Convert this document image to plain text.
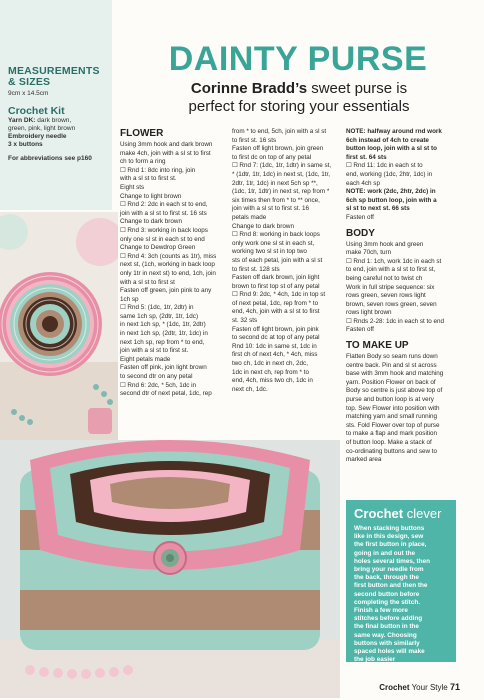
MEASUREMENTS
& SIZES
9cm x 14.5cm
Crochet Kit
Yarn DK: dark brown,
green, pink, light brown
Embroidery needle
3 x buttons
For abbreviations see p160
DAINTY PURSE
Corinne Bradd’s sweet purse is
perfect for storing your essentials
FLOWER

Using 3mm hook and dark brown

make 4ch, join with a sl st to first

ch to form a ring

☐ Rnd 1: 8dc into ring, join

with a sl st to first st.

Eight sts

Change to light brown

☐ Rnd 2: 2dc in each st to end,

join with a sl st to first st. 16 sts

Change to dark brown

☐ Rnd 3: working in back loops

only one sl st in each st to end

Change to Dewdrop Green

☐ Rnd 4: 3ch (counts as 1tr), miss

next st, (1ch, working in back loop

only 1tr in next st) to end, 1ch, join

with a sl st to first st

Fasten off green, join pink to any

1ch sp

☐ Rnd 5: (1dc, 1tr, 2dtr) in

same 1ch sp, (2dtr, 1tr, 1dc)

in next 1ch sp, * (1dc, 1tr, 2dtr)

in next 1ch sp, (2dtr, 1tr, 1dc) in

next 1ch sp, rep from * to end,

join with a sl st to first st.

Eight petals made

Fasten off pink, join light brown

to second dtr on any petal

☐ Rnd 6: 2dc, * 5ch, 1dc in

second dtr of next petal, 1dc, rep

from * to end, 5ch, join with a sl st

to first st. 16 sts

Fasten off light brown, join green

to first dc on top of any petal

☐ Rnd 7: (1dc, 1tr, 1dtr) in same st,

* (1dtr, 1tr, 1dc) in next st, (1dc, 1tr,

2dtr, 1tr, 1dc) in next 5ch sp **,

(1dc, 1tr, 1dtr) in next st, rep from *

six times then from * to ** once,

join with a sl st to first st. 16

petals made

Change to dark brown

☐ Rnd 8: working in back loops

only work one sl st in each st,

working two sl st in top two

sts of each petal, join with a sl st

to first st. 128 sts

Fasten off dark brown, join light

brown to first top st of any petal

☐ Rnd 9: 2dc, * 4ch, 1dc in top st

of next petal, 1dc, rep from * to

end, 4ch, join with a sl st to first

st. 32 sts

Fasten off light brown, join pink

to second dc at top of any petal

Rnd 10: 1dc in same st, 1dc in

first ch of next 4ch, * 4ch, miss

two ch, 1dc in next ch, 2dc,

1dc in next ch, rep from * to

end, 4ch, miss two ch, 1dc in

next ch, 1dc.

NOTE: halfway around rnd work

6ch instead of 4ch to create

button loop, join with a sl st to

first st. 64 sts

☐ Rnd 11: 1dc in each st to

end, working (1dc, 2htr, 1dc) in

each 4ch sp

NOTE: work (2dc, 2htr, 2dc) in

6ch sp button loop, join with a

sl st to next st. 66 sts

Fasten off

BODY

Using 3mm hook and green

make 70ch, turn

☐ Rnd 1: 1ch, work 1dc in each st

to end, join with a sl st to first st,

being careful not to twist ch

Work in full stripe sequence: six

rows green, seven rows light

brown, seven rows green, seven

rows light brown

☐ Rnds 2-28: 1dc in each st to end

Fasten off

TO MAKE UP

Flatten Body so seam runs down

centre back. Pin and sl st across

base with 3mm hook and matching

yarn. Position Flower on back of

Body so centre is just above top of

purse and button loop is at very

top. Sew Flower into position with

matching yarn and small running

sts. Fold Flower over top of purse

to make a flap and mark position

of button loop. Make a stack of

co-ordinating buttons and sew to

marked area

Crochet clever

When stacking buttons

like in this design, sew

the first button in place,

going in and out the

holes several times, then

bring your needle from

the back, through the

first button and then the

second button before

completing the stitch.

Finish a few more

stitches before adding

the final button in the

same way. Choosing

buttons with similarly

spaced holes will make

the job easier

Crochet Your Style 71
